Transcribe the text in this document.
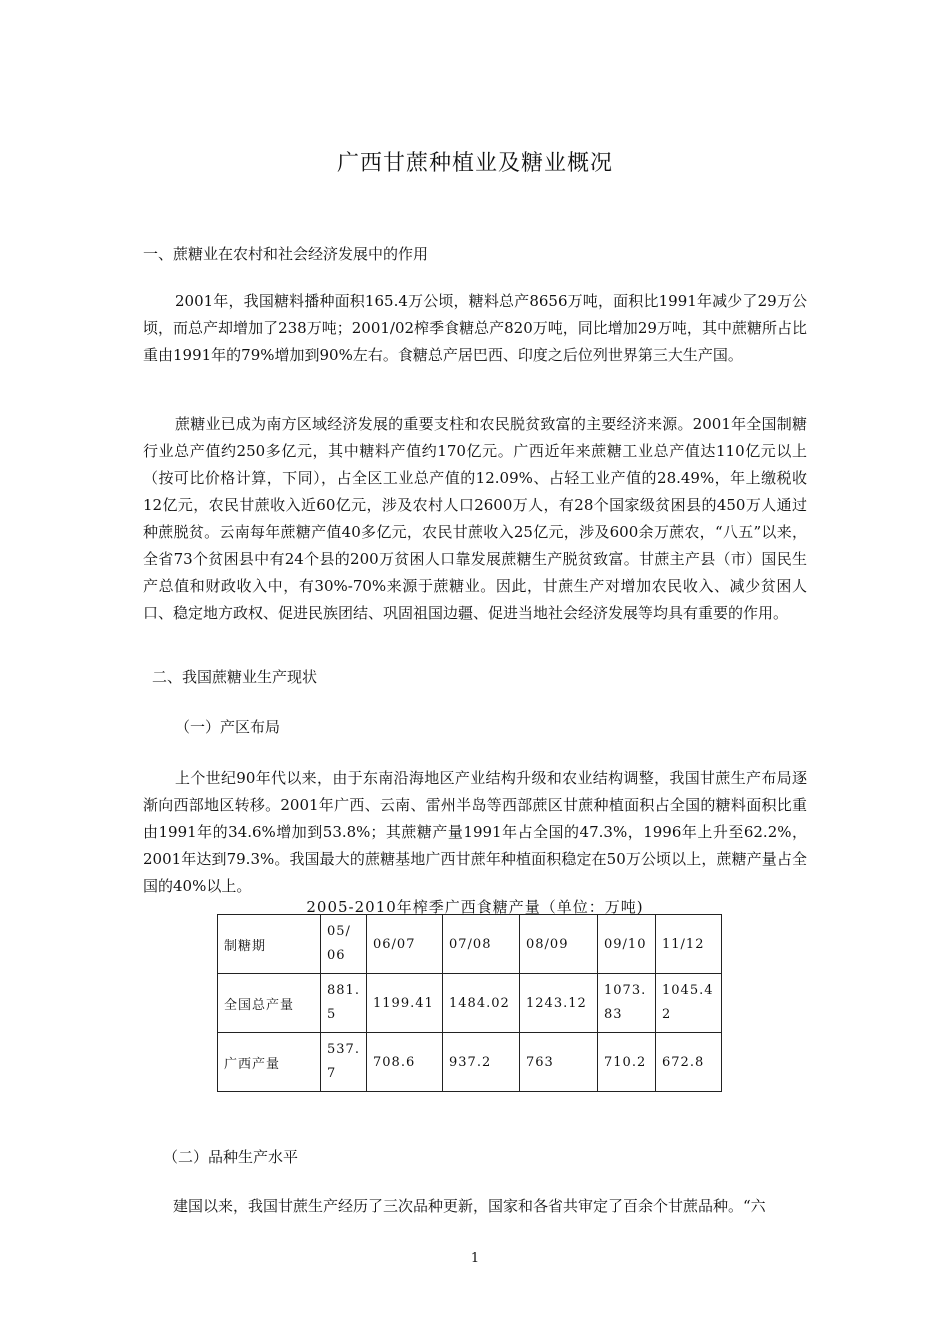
广西甘蔗种植业及糖业概况
一、蔗糖业在农村和社会经济发展中的作用

2001年，我国糖料播种面积165.4万公顷，糖料总产8656万吨，面积比1991年减少了29万公顷，而总产却增加了238万吨；2001/02榨季食糖总产820万吨，同比增加29万吨，其中蔗糖所占比重由1991年的79%增加到90%左右。食糖总产居巴西、印度之后位列世界第三大生产国。

蔗糖业已成为南方区域经济发展的重要支柱和农民脱贫致富的主要经济来源。2001年全国制糖行业总产值约250多亿元，其中糖料产值约170亿元。广西近年来蔗糖工业总产值达110亿元以上（按可比价格计算，下同），占全区工业总产值的12.09%、占轻工业产值的28.49%，年上缴税收12亿元，农民甘蔗收入近60亿元，涉及农村人口2600万人，有28个国家级贫困县的450万人通过种蔗脱贫。云南每年蔗糖产值40多亿元，农民甘蔗收入25亿元，涉及600余万蔗农，“八五”以来，全省73个贫困县中有24个县的200万贫困人口靠发展蔗糖生产脱贫致富。甘蔗主产县（市）国民生产总值和财政收入中，有30%-70%来源于蔗糖业。因此，甘蔗生产对增加农民收入、减少贫困人口、稳定地方政权、促进民族团结、巩固祖国边疆、促进当地社会经济发展等均具有重要的作用。

二、我国蔗糖业生产现状
（一）产区布局

上个世纪90年代以来，由于东南沿海地区产业结构升级和农业结构调整，我国甘蔗生产布局逐渐向西部地区转移。2001年广西、云南、雷州半岛等西部蔗区甘蔗种植面积占全国的糖料面积比重由1991年的34.6%增加到53.8%；其蔗糖产量1991年占全国的47.3%，1996年上升至62.2%，2001年达到79.3%。我国最大的蔗糖基地广西甘蔗年种植面积稳定在50万公顷以上，蔗糖产量占全国的40%以上。

2005-2010年榨季广西食糖产量（单位：万吨)
制糖期	05/06	06/07	07/08	08/09	09/10	11/12
全国总产量	881.5	1199.41	1484.02	1243.12	1073.83	1045.42
广西产量	537.7	708.6	937.2	763	710.2	672.8
（二）品种生产水平

建国以来，我国甘蔗生产经历了三次品种更新，国家和各省共审定了百余个甘蔗品种。“六

1
